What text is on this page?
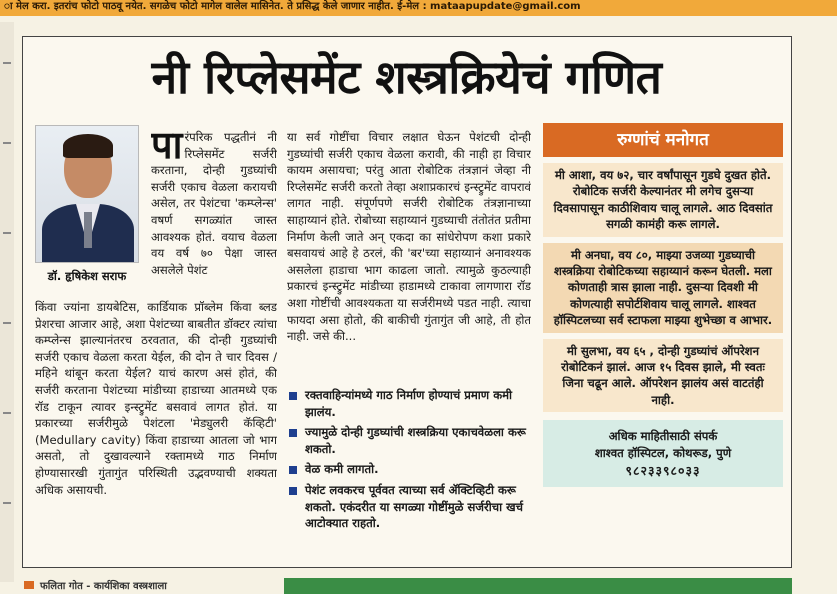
ा मेल करा. इतरांच फोटो पाठवू नयेत. सगळेच फोटो मागेल वालेल मासिनेत. ते प्रसिद्ध केले जाणार नाहीत. ई-मेल : mataapupdate@gmail.com
नी रिप्लेसमेंट शस्त्रक्रियेचं गणित
डॉ. हृषिकेश सराफ
पारंपरिक पद्धतीनं नी रिप्लेसमेंट सर्जरी करताना, दोन्ही गुडघ्यांची सर्जरी एकाच वेळला करायची असेल, तर पेशंटचा 'कम्प्लेन्स' वषर्ण सगळ्यांत जास्त आवश्यक होतं. वयाच वेळला वय वर्ष ७० पेक्षा जास्त असलेले पेशंट
किंवा ज्यांना डायबेटिस, कार्डियाक प्रॉब्लेम किंवा ब्लड प्रेशरचा आजार आहे, अशा पेशंटच्या बाबतीत डॉक्टर त्यांचा कम्प्लेन्स झाल्यानंतरच ठरवतात, की दोन्ही गुडघ्यांची सर्जरी एकाच वेळला करता येईल, की दोन ते चार दिवस / महिने थांबून करता येईल? याचं कारण असं होतं, की सर्जरी करताना पेशंटच्या मांडीच्या हाडाच्या आतमध्ये एक रॉड टाकून त्यावर इन्स्ट्रुमेंट बसवावं लागत होतं. या प्रकारच्या सर्जरीमुळे पेशंटला 'मेड्युलरी कॅव्हिटी' (Medullary cavity) किंवा हाडाच्या आतला जो भाग असतो, तो दुखावल्याने रक्तामध्ये गाठ निर्माण होण्यासारखी गुंतागुंत परिस्थिती उद्भवण्याची शक्यता अधिक असायची.
या सर्व गोष्टींचा विचार लक्षात घेऊन पेशंटची दोन्ही गुडघ्यांची सर्जरी एकाच वेळला करावी, की नाही हा विचार कायम असायचा; परंतु आता रोबोटिक तंत्रज्ञानं जेव्हा नी रिप्लेसमेंट सर्जरी करतो तेव्हा अशाप्रकारचं इन्स्ट्रुमेंट वापरावं लागत नाही. संपूर्णपणे सर्जरी रोबोटिक तंत्रज्ञानाच्या साहाय्यानं होते. रोबोच्या सहाय्यानं गुडघ्याची तंतोतंत प्रतीमा निर्माण केली जाते अन् एकदा का सांधेरोपण कशा प्रकारे बसवायचं आहे हे ठरलं, की 'बर'च्या सहाय्यानं अनावश्यक असलेला हाडाचा भाग काढला जातो. त्यामुळे कुठल्याही प्रकारचं इन्स्ट्रुमेंट मांडीच्या हाडामध्ये टाकावा लागणारा रॉड अशा गोष्टींची आवश्यकता या सर्जरीमध्ये पडत नाही. त्याचा फायदा असा होतो, की बाकीची गुंतागुंत जी आहे, ती होत नाही. जसे की...
रक्तवाहिन्यांमध्ये गाठ निर्माण होण्याचं प्रमाण कमी झालंय.
ज्यामुळे दोन्ही गुडघ्यांची शस्त्रक्रिया एकाचवेळला करू शकतो.
वेळ कमी लागतो.
पेशंट लवकरच पूर्ववत त्याच्या सर्व ॲक्टिव्हिटी करू शकतो. एकंदरीत या सगळ्या गोष्टींमुळे सर्जरीचा खर्च आटोक्यात राहतो.
रुग्णांचं मनोगत
मी आशा, वय ७२, चार वर्षांपासून गुडघे दुखत होते. रोबोटिक सर्जरी केल्यानंतर मी लगेच दुसऱ्या दिवसापासून काठीशिवाय चालू लागले. आठ दिवसांत सगळी कामंही करू लागले.
मी अनघा, वय ८०, माझ्या उजव्या गुडघ्याची शस्त्रक्रिया रोबोटिकच्या सहाय्यानं करून घेतली. मला कोणताही त्रास झाला नाही. दुसऱ्या दिवशी मी कोणत्याही सपोर्टशिवाय चालू लागले. शाश्वत हॉस्पिटलच्या सर्व स्टाफला माझ्या शुभेच्छा व आभार.
मी सुलभा, वय ६५ , दोन्ही गुडघ्यांचं ऑपरेशन रोबोटिकनं झालं. आज १५ दिवस झाले, मी स्वतः जिना चढून आले. ऑपरेशन झालंय असं वाटतंही नाही.
अधिक माहितीसाठी संपर्क
शाश्वत हॉस्पिटल, कोथरूड, पुणे
९८२३३९८०३३
फलिता गोत - कार्यशिका वस्त्रशाला
